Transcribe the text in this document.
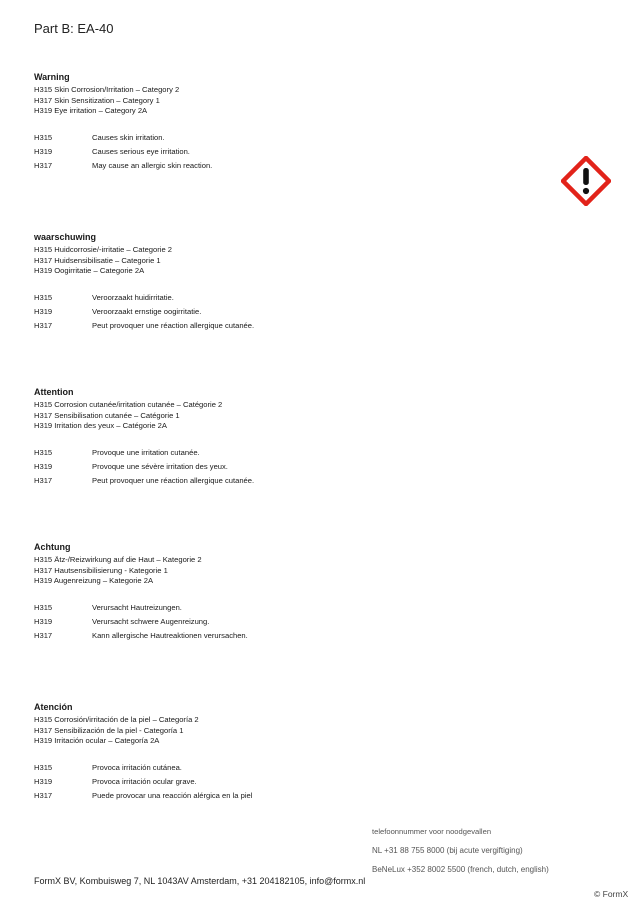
Part B: EA-40
Warning
H315 Skin Corrosion/Irritation – Category 2
H317 Skin Sensitization – Category 1
H319 Eye irritation – Category 2A
H315	Causes skin irritation.
H319	Causes serious eye irritation.
H317	May cause an allergic skin reaction.
waarschuwing
H315 Huidcorrosie/-irritatie – Categorie 2
H317 Huidsensibilisatie – Categorie 1
H319 Oogirritatie – Categorie 2A
H315	Veroorzaakt huidirritatie.
H319	Veroorzaakt ernstige oogirritatie.
H317	Peut provoquer une réaction allergique cutanée.
Attention
H315 Corrosion cutanée/irritation cutanée – Catégorie 2
H317 Sensibilisation cutanée – Catégorie 1
H319 Irritation des yeux – Catégorie 2A
H315	Provoque une irritation cutanée.
H319	Provoque une sévère irritation des yeux.
H317	Peut provoquer une réaction allergique cutanée.
Achtung
H315 Ätz-/Reizwirkung auf die Haut – Kategorie 2
H317 Hautsensibilisierung - Kategorie 1
H319 Augenreizung – Kategorie 2A
H315	Verursacht Hautreizungen.
H319	Verursacht schwere Augenreizung.
H317	Kann allergische Hautreaktionen verursachen.
Atención
H315 Corrosión/irritación de la piel – Categoría 2
H317 Sensibilización de la piel - Categoría 1
H319 Irritación ocular – Categoría 2A
H315	Provoca irritación cutánea.
H319	Provoca irritación ocular grave.
H317	Puede provocar una reacción alérgica en la piel
telefoonnummer voor noodgevallen
NL +31 88 755 8000 (bij acute vergiftiging)
BeNeLux +352 8002 5500 (french, dutch, english)
FormX BV, Kombuisweg 7, NL 1043AV Amsterdam, +31 204182105, info@formx.nl
© FormX
